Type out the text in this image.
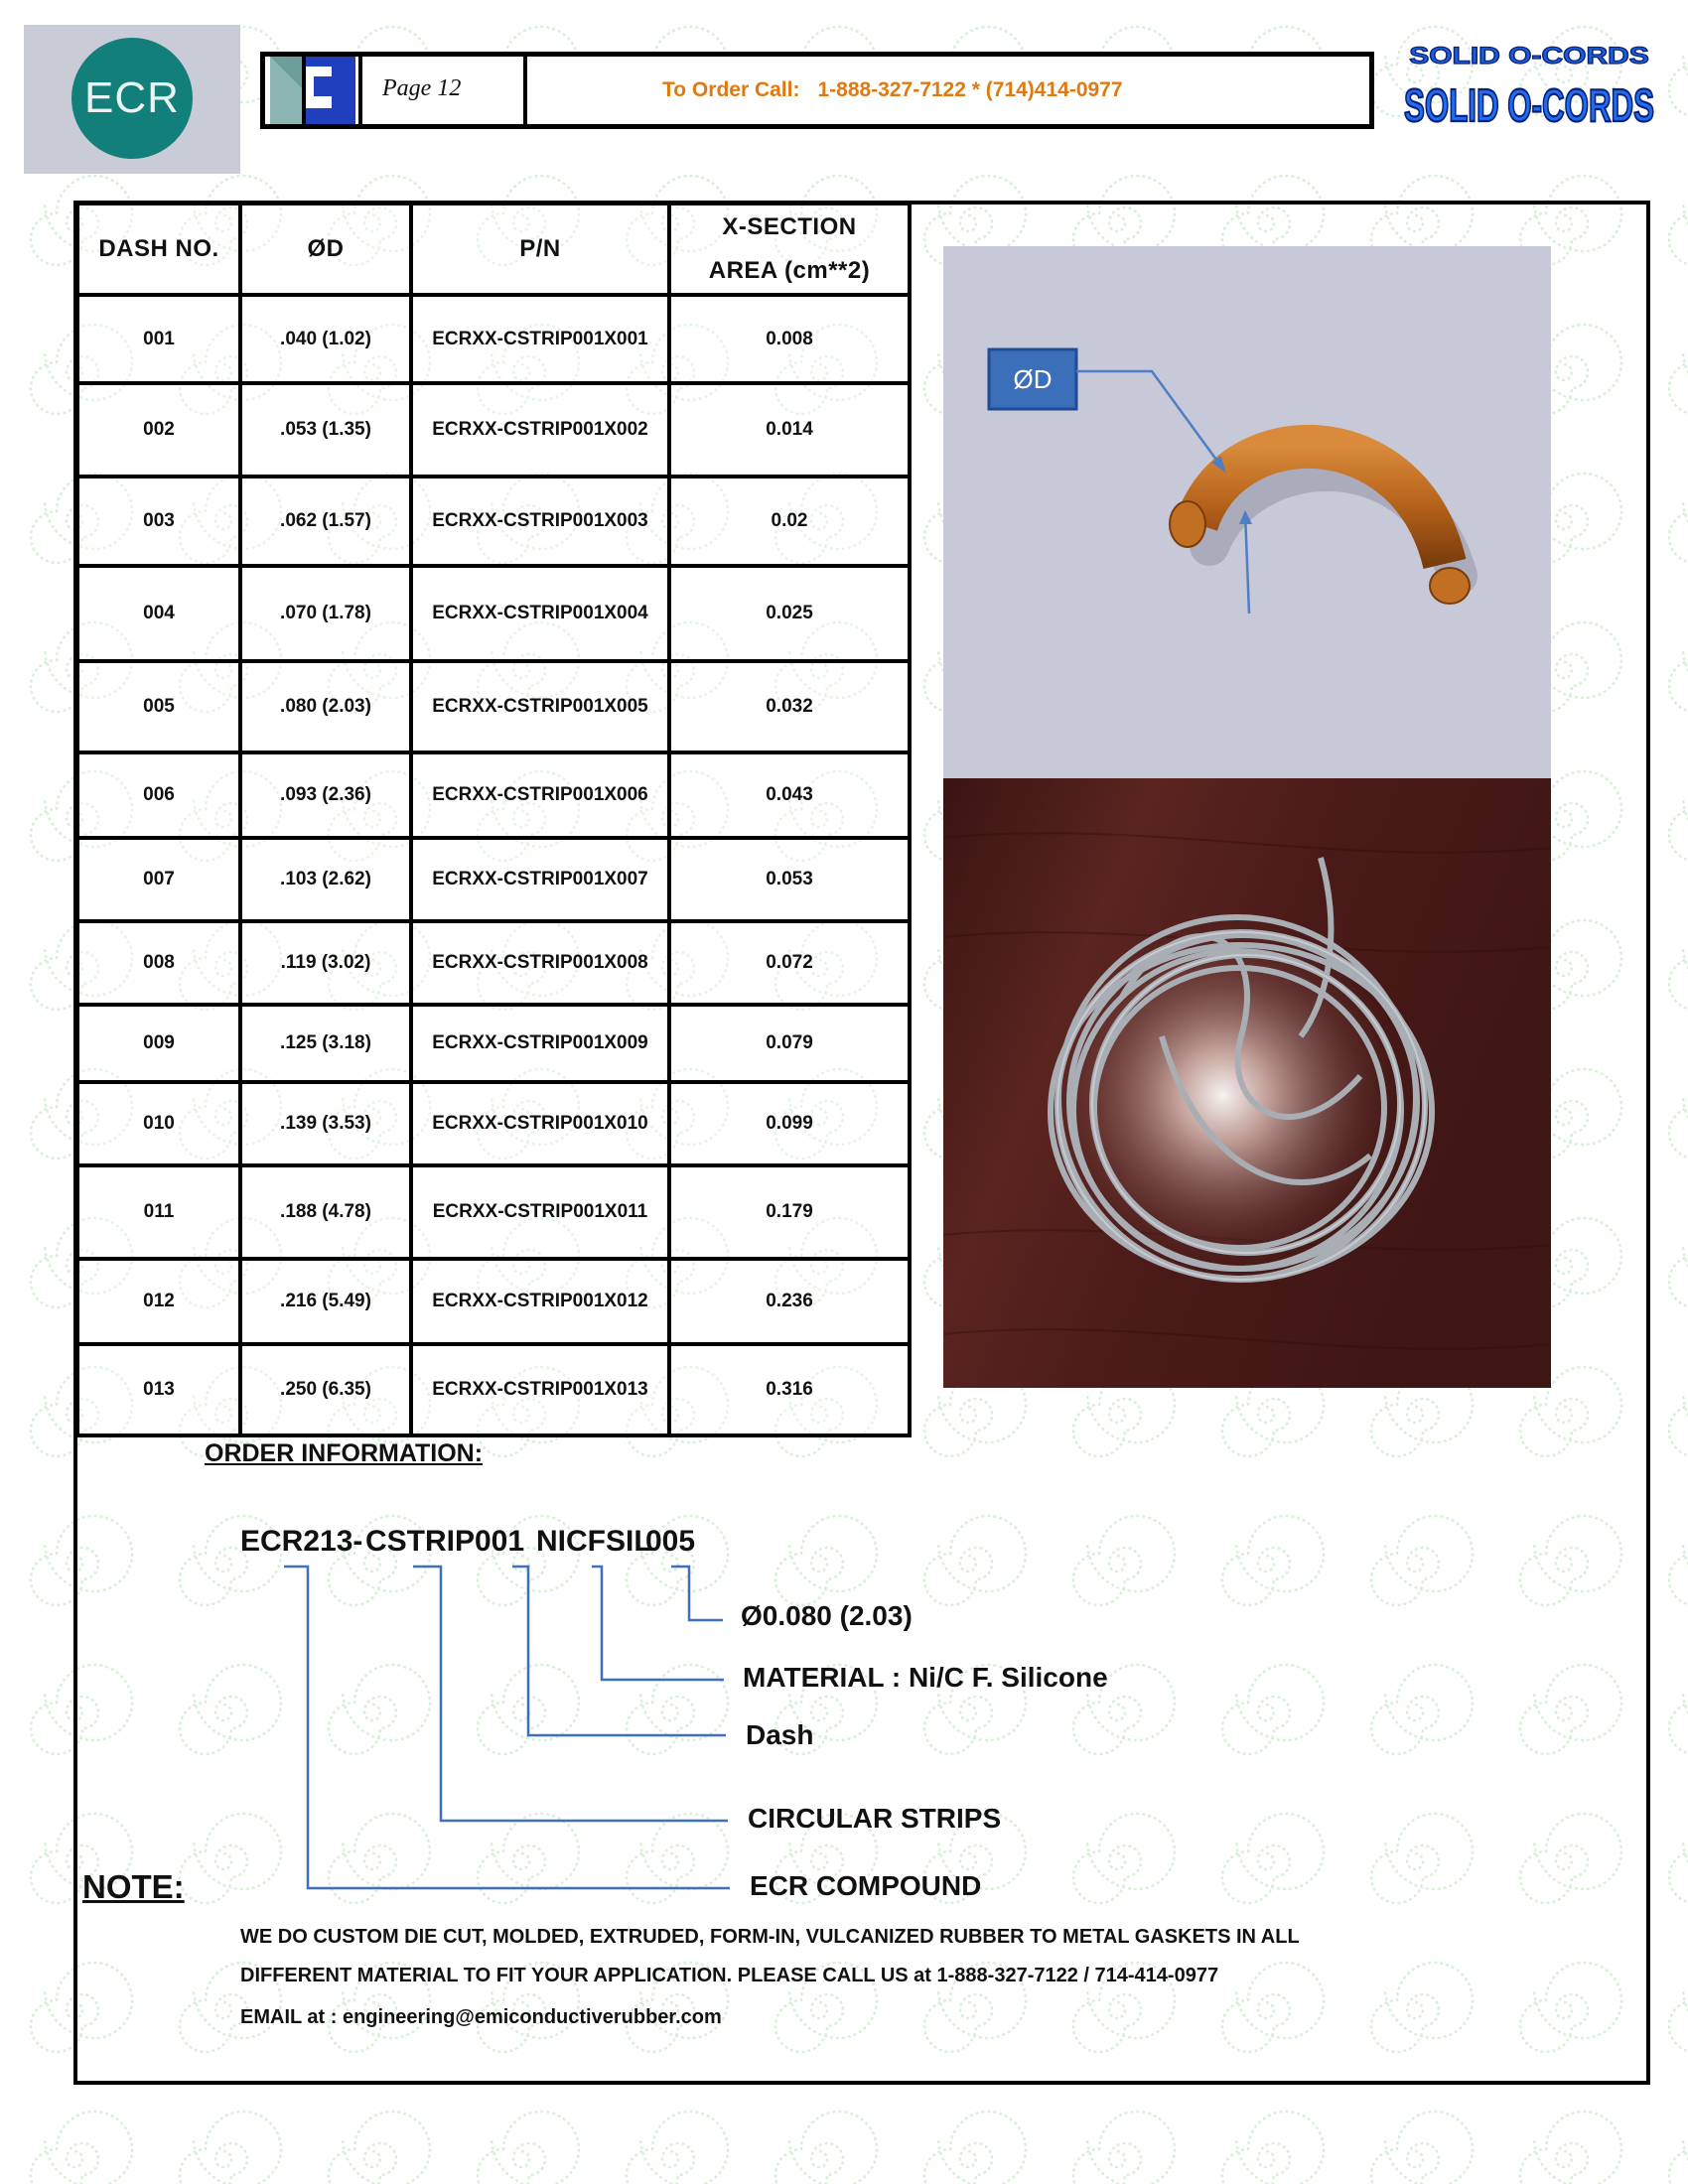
ECR	Page 12	To Order Call: 1-888-327-7122 * (714)414-0977
SOLID O-CORDS
SOLID O-CORDS
DASH NO.	ØD	P/N	X-SECTION AREA (cm**2)
001	.040 (1.02)	ECRXX-CSTRIP001X001	0.008
002	.053 (1.35)	ECRXX-CSTRIP001X002	0.014
003	.062 (1.57)	ECRXX-CSTRIP001X003	0.02
004	.070 (1.78)	ECRXX-CSTRIP001X004	0.025
005	.080 (2.03)	ECRXX-CSTRIP001X005	0.032
006	.093 (2.36)	ECRXX-CSTRIP001X006	0.043
007	.103 (2.62)	ECRXX-CSTRIP001X007	0.053
008	.119 (3.02)	ECRXX-CSTRIP001X008	0.072
009	.125 (3.18)	ECRXX-CSTRIP001X009	0.079
010	.139 (3.53)	ECRXX-CSTRIP001X010	0.099
011	.188 (4.78)	ECRXX-CSTRIP001X011	0.179
012	.216 (5.49)	ECRXX-CSTRIP001X012	0.236
013	.250 (6.35)	ECRXX-CSTRIP001X013	0.316
ØD
ORDER INFORMATION:
ECR213- CSTRIP 001 NICFSIL
005
Ø0.080 (2.03)
MATERIAL : Ni/C F. Silicone
Dash
CIRCULAR STRIPS
ECR COMPOUND
NOTE:
WE DO CUSTOM DIE CUT, MOLDED, EXTRUDED, FORM-IN, VULCANIZED RUBBER TO METAL GASKETS IN ALL
DIFFERENT MATERIAL TO FIT YOUR APPLICATION. PLEASE CALL US at 1-888-327-7122 / 714-414-0977
EMAIL at : engineering@emiconductiverubber.com
